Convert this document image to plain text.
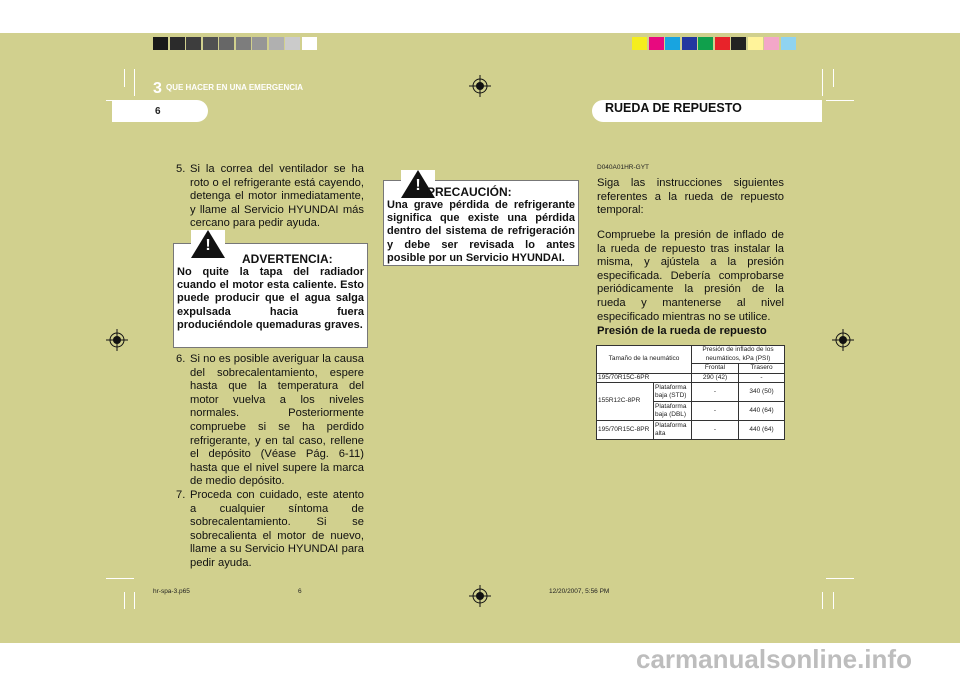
3 QUE HACER EN UNA EMERGENCIA
6	RUEDA DE REPUESTO
5. Si la correa del ventilador se ha roto o el refrigerante está cayendo, detenga el motor inmediatamente, y llame al Servicio HYUNDAI más cercano para pedir ayuda.
!
ADVERTENCIA:
No quite la tapa del radiador cuando el motor esta caliente. Esto puede producir que el agua salga expulsada hacia fuera produciéndole quemaduras graves.
6. Si no es posible averiguar la causa del sobrecalentamiento, espere hasta que la temperatura del motor vuelva a los niveles normales. Posteriormente compruebe si se ha perdido refrigerante, y en tal caso, rellene el depósito (Véase Pág. 6-11) hasta que el nivel supere la marca de medio depósito.
7. Proceda con cuidado, este atento a cualquier síntoma de sobrecalentamiento. Si se sobrecalienta el motor de nuevo, llame a su Servicio HYUNDAI para pedir ayuda.
! PRECAUCIÓN:
Una grave pérdida de refrigerante significa que existe una pérdida dentro del sistema de refrigeración y debe ser revisada lo antes posible por un Servicio HYUNDAI.
D040A01HR-GYT
Siga las instrucciones siguientes referentes a la rueda de repuesto temporal:
Compruebe la presión de inflado de la rueda de repuesto tras instalar la misma, y ajústela a la presión especificada. Debería comprobarse periódicamente la presión de la rueda y mantenerse al nivel especificado mientras no se utilice.
Presión de la rueda de repuesto
Tamaño de la neumático		Presión de inflado de los neumáticos, kPa (PSI)	
		Frontal	Trasero
195/70R15C-6PR		290 (42)	-
155R12C-8PR	Plataforma baja (STD)	-	340 (50)
	Plataforma baja (DBL)	-	440 (64)
195/70R15C-8PR	Plataforma alta	-	440 (64)
hr-spa-3.p65	6	12/20/2007, 5:56 PM
carmanualsonline.info
